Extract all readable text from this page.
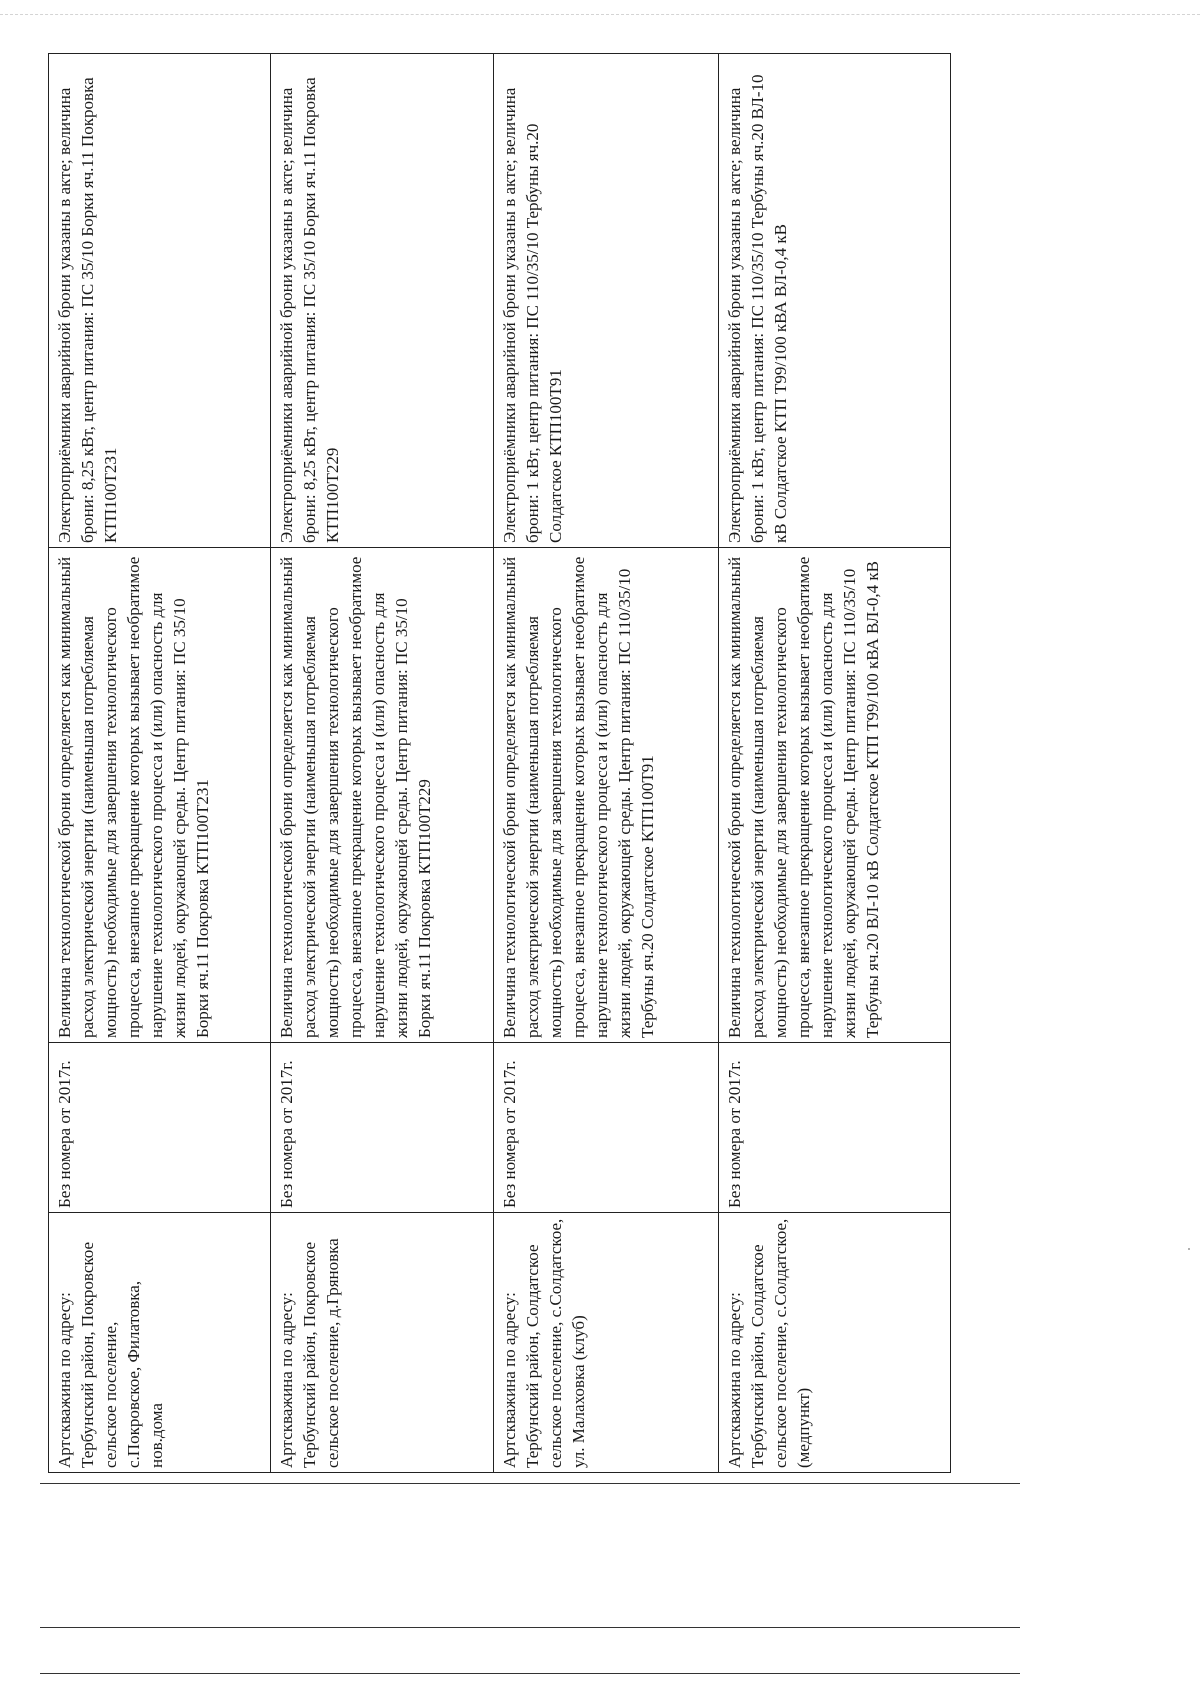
Артскважина по адресу: Тербунский район, Покровское сельское поселение, с.Покровское, Филатовка, нов.дома	Без номера от 2017г.	Величина технологической брони определяется как минимальный расход электрической энергии (наименьшая потребляемая мощность) необходимые для завершения технологического процесса, внезапное прекращение которых вызывает необратимое нарушение технологического процесса и (или) опасность для жизни людей, окружающей среды. Центр питания: ПС 35/10 Борки яч.11 Покровка КТП100Т231	Электроприёмники аварийной брони указаны в акте; величина брони: 8,25 кВт, центр питания: ПС 35/10 Борки яч.11 Покровка КТП100Т231
Артскважина по адресу: Тербунский район, Покровское сельское поселение, д.Гряновка	Без номера от 2017г.	Величина технологической брони определяется как минимальный расход электрической энергии (наименьшая потребляемая мощность) необходимые для завершения технологического процесса, внезапное прекращение которых вызывает необратимое нарушение технологического процесса и (или) опасность для жизни людей, окружающей среды. Центр питания: ПС 35/10 Борки яч.11 Покровка КТП100Т229	Электроприёмники аварийной брони указаны в акте; величина брони: 8,25 кВт, центр питания: ПС 35/10 Борки яч.11 Покровка КТП100Т229
Артскважина по адресу: Тербунский район, Солдатское сельское поселение, с.Солдатское, ул. Малаховка (клуб)	Без номера от 2017г.	Величина технологической брони определяется как минимальный расход электрической энергии (наименьшая потребляемая мощность) необходимые для завершения технологического процесса, внезапное прекращение которых вызывает необратимое нарушение технологического процесса и (или) опасность для жизни людей, окружающей среды. Центр питания: ПС 110/35/10 Тербуны яч.20 Солдатское КТП100Т91	Электроприёмники аварийной брони указаны в акте; величина брони: 1 кВт, центр питания: ПС 110/35/10 Тербуны яч.20 Солдатское КТП100Т91
Артскважина по адресу: Тербунский район, Солдатское сельское поселение, с.Солдатское, (медпункт)	Без номера от 2017г.	Величина технологической брони определяется как минимальный расход электрической энергии (наименьшая потребляемая мощность) необходимые для завершения технологического процесса, внезапное прекращение которых вызывает необратимое нарушение технологического процесса и (или) опасность для жизни людей, окружающей среды. Центр питания: ПС 110/35/10 Тербуны яч.20 ВЛ-10 кВ Солдатское КТП Т99/100 кВА ВЛ-0,4 кВ	Электроприёмники аварийной брони указаны в акте; величина брони: 1 кВт, центр питания: ПС 110/35/10 Тербуны яч.20 ВЛ-10 кВ Солдатское КТП Т99/100 кВА ВЛ-0,4 кВ
